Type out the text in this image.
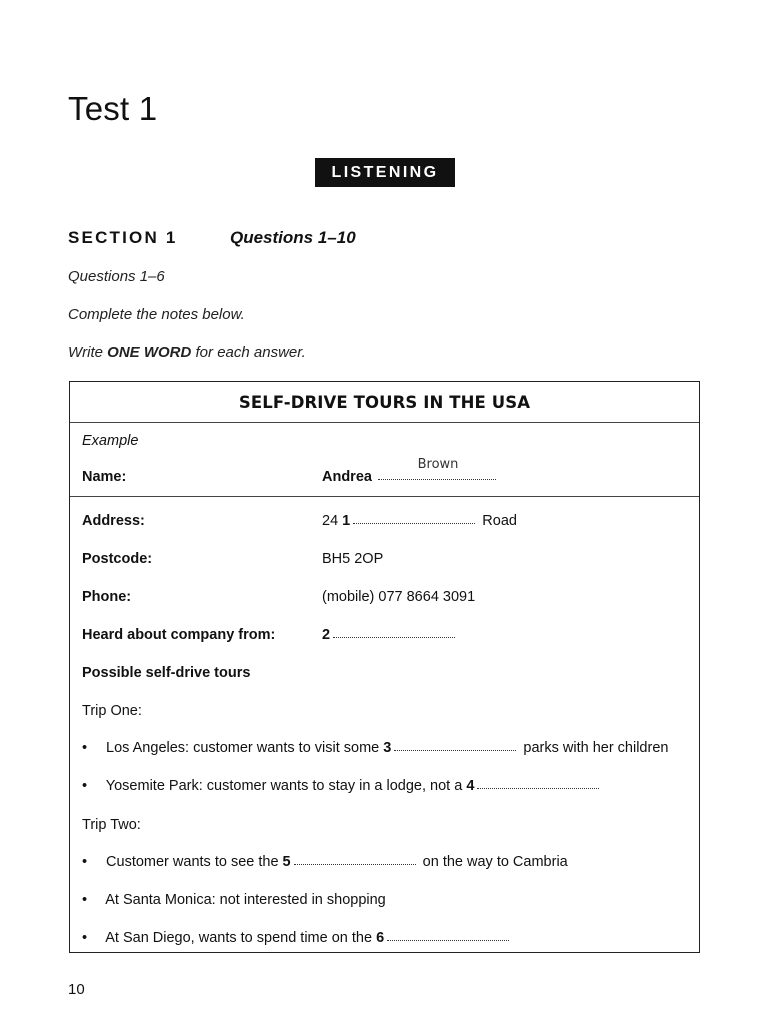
Test 1
LISTENING
SECTION 1	Questions 1–10
Questions 1–6
Complete the notes below.
Write ONE WORD for each answer.
SELF-DRIVE TOURS IN THE USA
Example
Name:	Andrea
Brown
Address:	24 1	Road
Postcode:	BH5 2OP
Phone:	(mobile) 077 8664 3091
Heard about company from:	2
Possible self-drive tours
Trip One:
• Los Angeles: customer wants to visit some 3	parks with her children
• Yosemite Park: customer wants to stay in a lodge, not a 4
Trip Two:
• Customer wants to see the 5	on the way to Cambria
• At Santa Monica: not interested in shopping
• At San Diego, wants to spend time on the 6
10
